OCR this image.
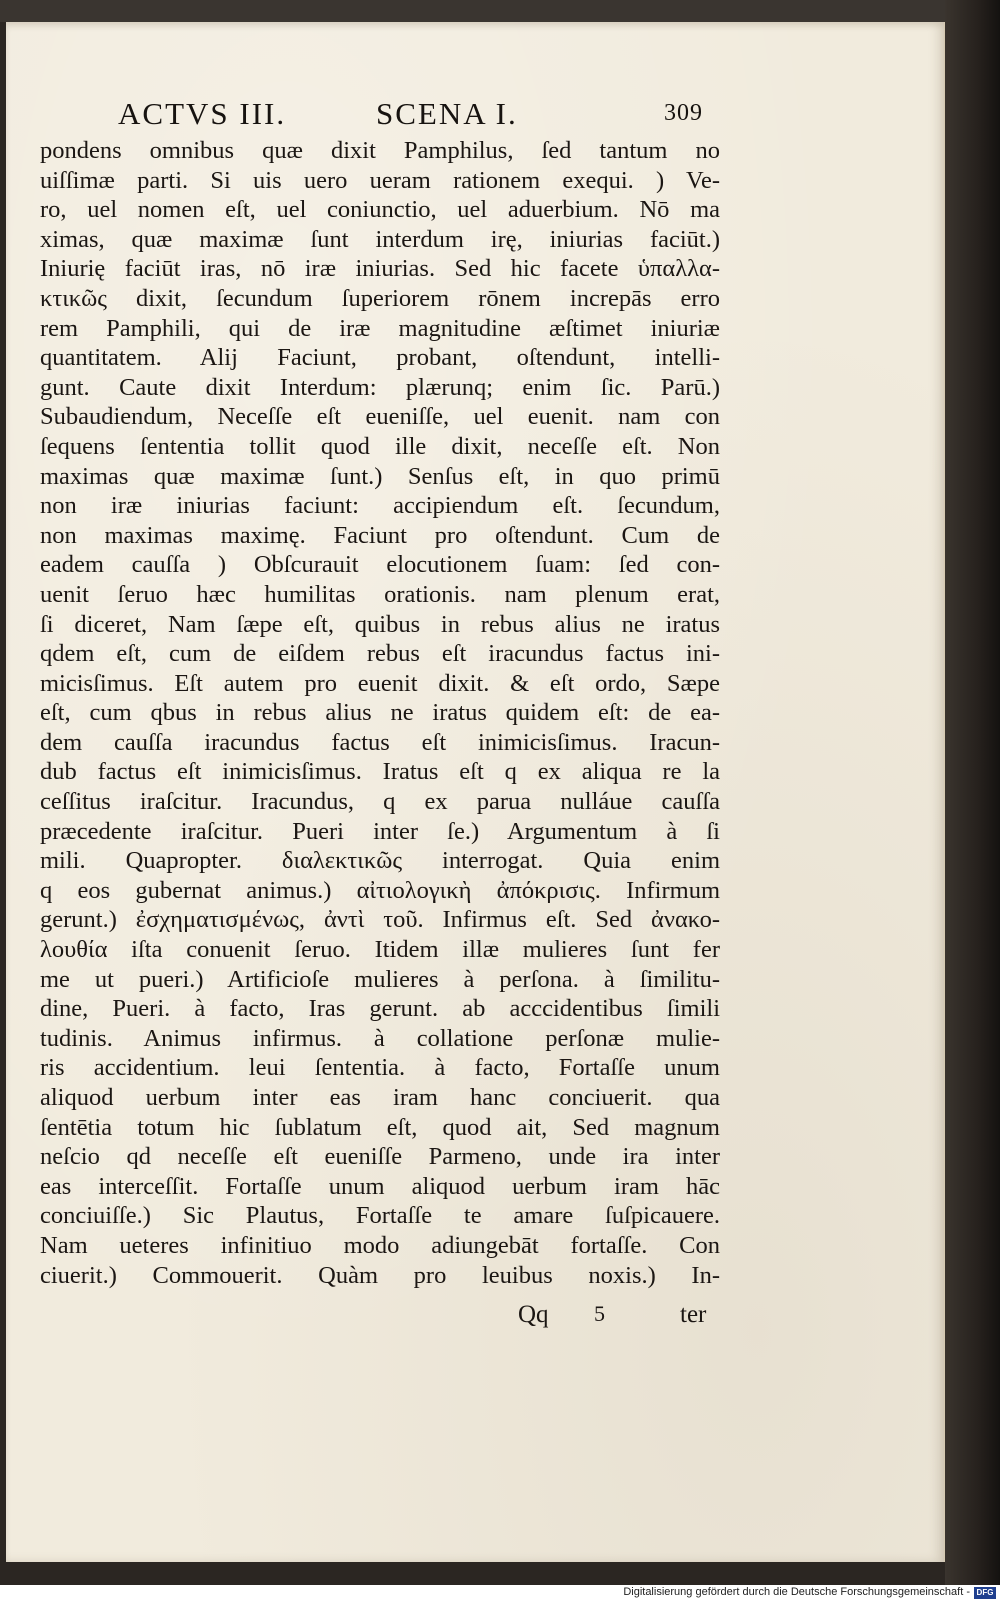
ACTVS III.	SCENA I.	309
pondens omnibus quæ dixit Pamphilus, ſed tantum no
uiſſimæ parti. Si uis uero ueram rationem exequi. ) Ve-
ro, uel nomen eſt, uel coniunctio, uel aduerbium. Nō ma
ximas, quæ maximæ ſunt interdum irę, iniurias faciūt.)
Iniurię faciūt iras, nō iræ iniurias. Sed hic facete ὑπαλλα-
κτικῶς dixit, ſecundum ſuperiorem rōnem increpās erro
rem Pamphili, qui de iræ magnitudine æſtimet iniuriæ
quantitatem. Alij Faciunt, probant, oſtendunt, intelli-
gunt. Caute dixit Interdum: plærunq; enim ſic. Parū.)
Subaudiendum, Neceſſe eſt eueniſſe, uel euenit. nam con
ſequens ſententia tollit quod ille dixit, neceſſe eſt. Non
maximas quæ maximæ ſunt.) Senſus eſt, in quo primū
non iræ iniurias faciunt: accipiendum eſt. ſecundum,
non maximas maximę. Faciunt pro oſtendunt. Cum de
eadem cauſſa ) Obſcurauit elocutionem ſuam: ſed con-
uenit ſeruo hæc humilitas orationis. nam plenum erat,
ſi diceret, Nam ſæpe eſt, quibus in rebus alius ne iratus
qdem eſt, cum de eiſdem rebus eſt iracundus factus ini-
micisſimus. Eſt autem pro euenit dixit. & eſt ordo, Sæpe
eſt, cum qbus in rebus alius ne iratus quidem eſt: de ea-
dem cauſſa iracundus factus eſt inimicisſimus. Iracun-
dub factus eſt inimicisſimus. Iratus eſt q ex aliqua re la
ceſſitus iraſcitur. Iracundus, q ex parua nulláue cauſſa
præcedente iraſcitur. Pueri inter ſe.) Argumentum à ſi
mili. Quapropter. διαλεκτικῶς interrogat. Quia enim
q eos gubernat animus.) αἰτιολογικὴ ἀπόκρισις. Infirmum
gerunt.) ἐσχηματισμένως, ἀντὶ τοῦ. Infirmus eſt. Sed ἀνακο-
λουθία iſta conuenit ſeruo. Itidem illæ mulieres ſunt fer
me ut pueri.) Artificioſe mulieres à perſona. à ſimilitu-
dine, Pueri. à facto, Iras gerunt. ab acccidentibus ſimili
tudinis. Animus infirmus. à collatione perſonæ mulie-
ris accidentium. leui ſententia. à facto, Fortaſſe unum
aliquod uerbum inter eas iram hanc conciuerit. qua
ſentētia totum hic ſublatum eſt, quod ait, Sed magnum
neſcio qd neceſſe eſt eueniſſe Parmeno, unde ira inter
eas interceſſit. Fortaſſe unum aliquod uerbum iram hāc
conciuiſſe.) Sic Plautus, Fortaſſe te amare ſuſpicauere.
Nam ueteres infinitiuo modo adiungebāt fortaſſe. Con
ciuerit.) Commouerit. Quàm pro leuibus noxis.) In-
Qq 5	ter
Digitalisierung gefördert durch die Deutsche Forschungsgemeinschaft - DFG
